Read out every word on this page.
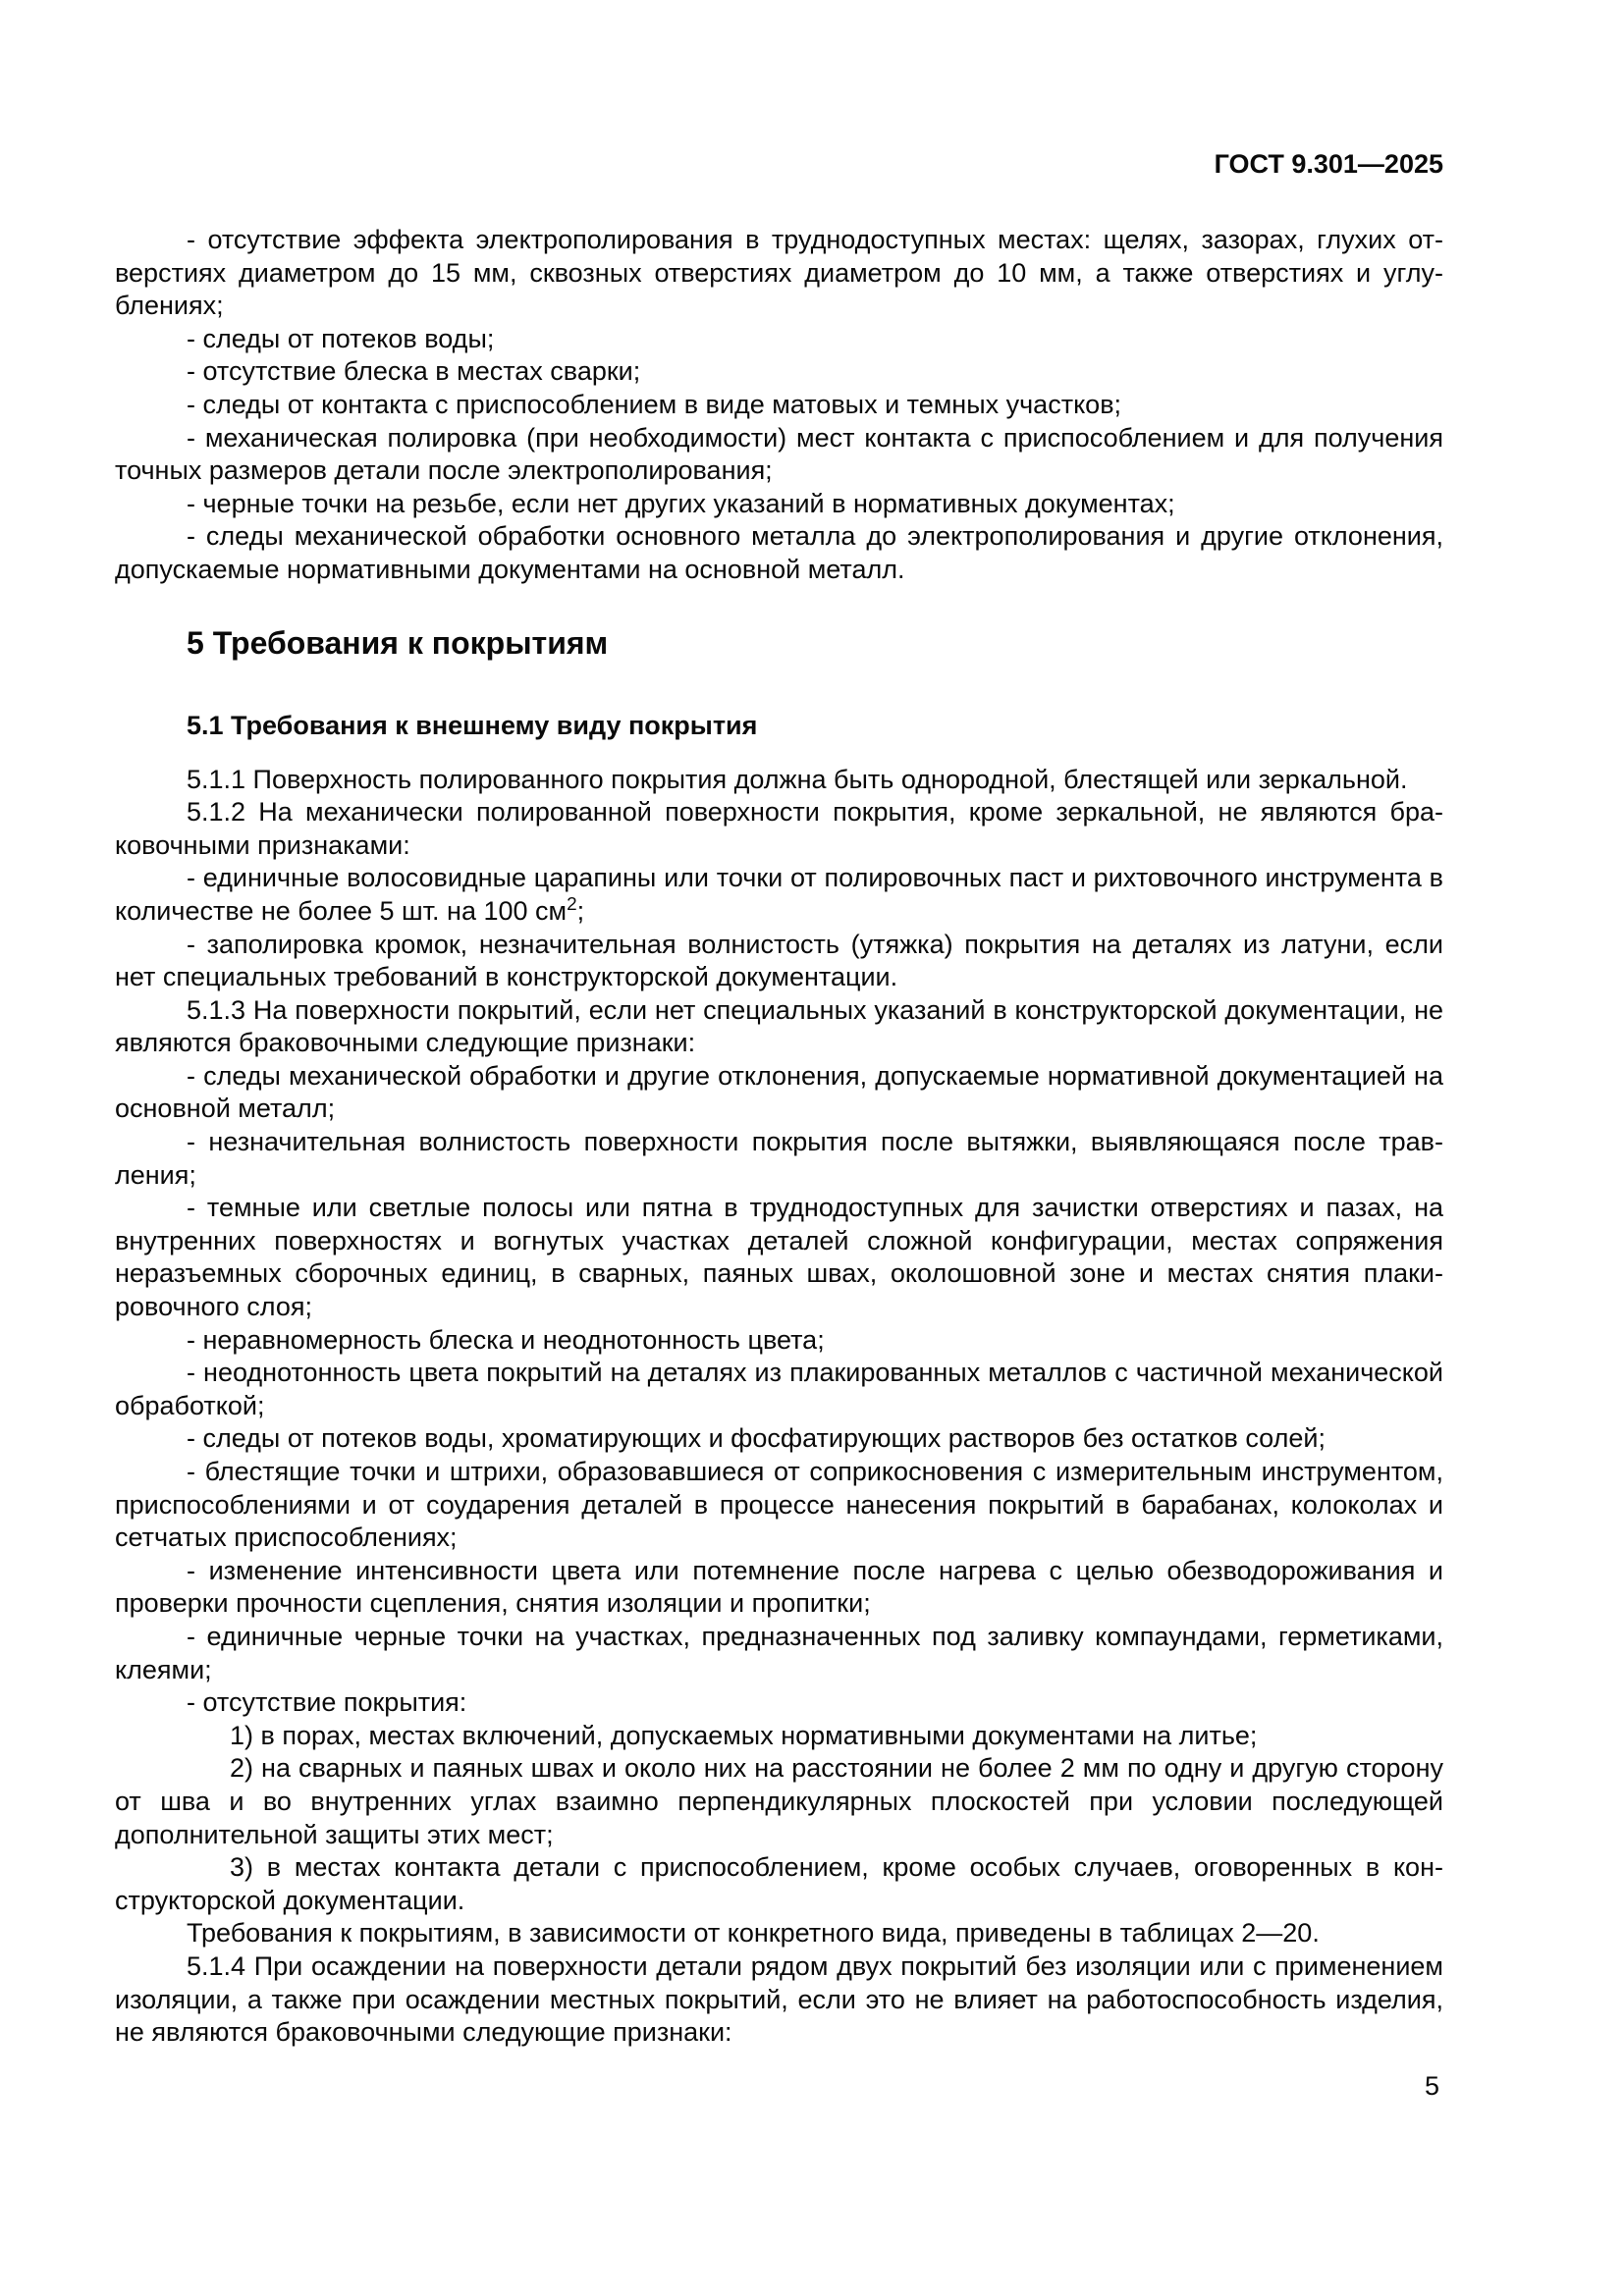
ГОСТ 9.301—2025

- отсутствие эффекта электрополирования в труднодоступных местах: щелях, зазорах, глухих отверстиях диаметром до 15 мм, сквозных отверстиях диаметром до 10 мм, а также отверстиях и углублениях;

- следы от потеков воды;

- отсутствие блеска в местах сварки;

- следы от контакта с приспособлением в виде матовых и темных участков;

- механическая полировка (при необходимости) мест контакта с приспособлением и для получения точных размеров детали после электрополирования;

- черные точки на резьбе, если нет других указаний в нормативных документах;

- следы механической обработки основного металла до электрополирования и другие отклонения, допускаемые нормативными документами на основной металл.

5 Требования к покрытиям
5.1 Требования к внешнему виду покрытия

5.1.1 Поверхность полированного покрытия должна быть однородной, блестящей или зеркальной.

5.1.2 На механически полированной поверхности покрытия, кроме зеркальной, не являются браковочными признаками:

- единичные волосовидные царапины или точки от полировочных паст и рихтовочного инструмента в количестве не более 5 шт. на 100 $см^2$;

- заполировка кромок, незначительная волнистость (утяжка) покрытия на деталях из латуни, если нет специальных требований в конструкторской документации.

5.1.3 На поверхности покрытий, если нет специальных указаний в конструкторской документации, не являются браковочными следующие признаки:

- следы механической обработки и другие отклонения, допускаемые нормативной документацией на основной металл;

- незначительная волнистость поверхности покрытия после вытяжки, выявляющаяся после травления;

- темные или светлые полосы или пятна в труднодоступных для зачистки отверстиях и пазах, на внутренних поверхностях и вогнутых участках деталей сложной конфигурации, местах сопряжения неразъемных сборочных единиц, в сварных, паяных швах, околошовной зоне и местах снятия плакировочного слоя;

- неравномерность блеска и неоднотонность цвета;

- неоднотонность цвета покрытий на деталях из плакированных металлов с частичной механической обработкой;

- следы от потеков воды, хроматирующих и фосфатирующих растворов без остатков солей;

- блестящие точки и штрихи, образовавшиеся от соприкосновения с измерительным инструментом, приспособлениями и от соударения деталей в процессе нанесения покрытий в барабанах, колоколах и сетчатых приспособлениях;

- изменение интенсивности цвета или потемнение после нагрева с целью обезводороживания и проверки прочности сцепления, снятия изоляции и пропитки;

- единичные черные точки на участках, предназначенных под заливку компаундами, герметиками, клеями;

- отсутствие покрытия:

1) в порах, местах включений, допускаемых нормативными документами на литье;

2) на сварных и паяных швах и около них на расстоянии не более 2 мм по одну и другую сторону от шва и во внутренних углах взаимно перпендикулярных плоскостей при условии последующей дополнительной защиты этих мест;

3) в местах контакта детали с приспособлением, кроме особых случаев, оговоренных в конструкторской документации.

Требования к покрытиям, в зависимости от конкретного вида, приведены в таблицах 2—20.

5.1.4 При осаждении на поверхности детали рядом двух покрытий без изоляции или с применением изоляции, а также при осаждении местных покрытий, если это не влияет на работоспособность изделия, не являются браковочными следующие признаки:

5
